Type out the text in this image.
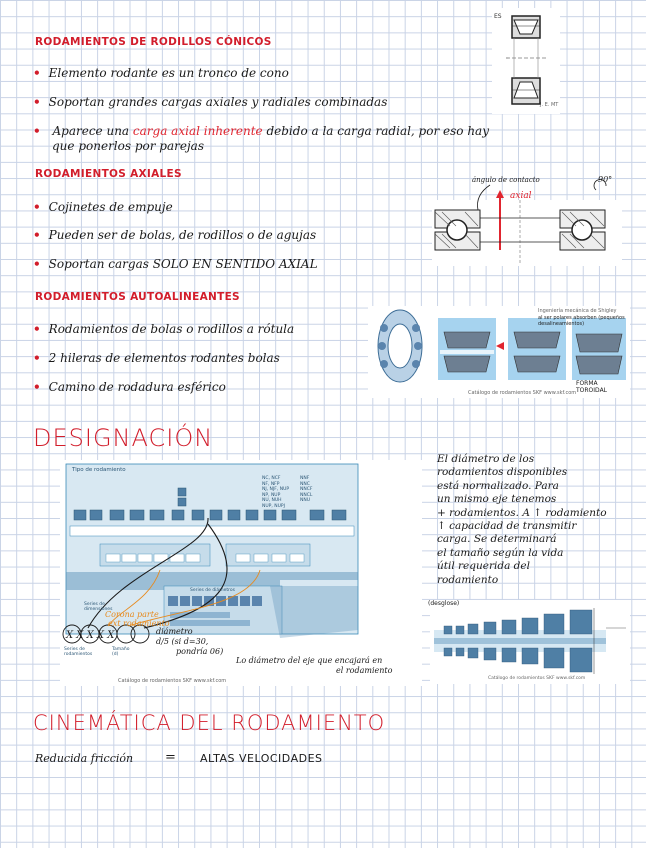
RODAMIENTOS DE RODILLOS CÓNICOS
• Elemento rodante es un tronco de cono
• Soportan grandes cargas axiales y radiales combinadas
• Aparece una carga axial inherente debido a la carga radial, por eso hay
que ponerlos por parejas
ES
J. E. MT
RODAMIENTOS AXIALES
• Cojinetes de empuje
• Pueden ser de bolas, de rodillos o de agujas
• Soportan cargas SOLO EN SENTIDO AXIAL
ángulo de contacto
axial
90°
RODAMIENTOS AUTOALINEANTES
• Rodamientos de bolas o rodillos a rótula
• 2 hileras de elementos rodantes bolas
• Camino de rodadura esférico
Ingeniería mecánica de Shigley
al ser polares absorben (pequeños desalineamientos)
FORMA TOROIDAL
Catálogo de rodamientos SKF www.skf.com
DESIGNACIÓN
X X X X X
Tipo de rodamiento
NC, NCF
NF, NFP
NJ, NJF, NUP
NP, NUP
NU, NUH
NUP, NUPJ
NNF
NNC
NNCF
NNCL
NNU
Series de diámetros
Series de dimensiones
Series de rodamientos
Tamaño (d)
Corona parte
ext rodamiento
diámetro
d/5 (si d=30,
pondría 06)
Lo diámetro del eje que encajará en
el rodamiento
Catálogo de rodamientos SKF www.skf.com
El diámetro de los
rodamientos disponibles
está normalizado. Para
un mismo eje tenemos
+ rodamientos. A ↑ rodamiento
↑ capacidad de transmitir
carga. Se determinará
el tamaño según la vida
útil requerida del
rodamiento
(desglose)
Catálogo de rodamientos SKF www.skf.com
CINEMÁTICA DEL RODAMIENTO
Reducida fricción = ALTAS VELOCIDADES
